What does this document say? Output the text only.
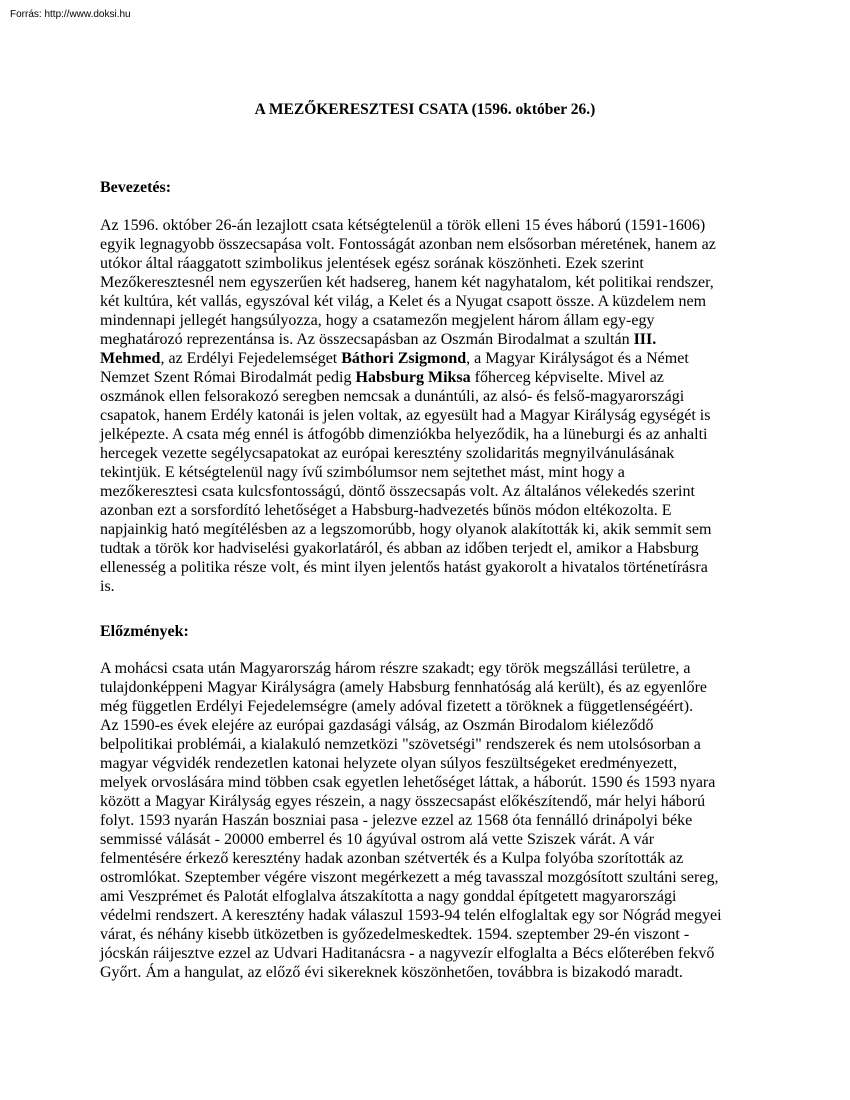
Forrás: http://www.doksi.hu
A MEZŐKERESZTESI CSATA (1596. október 26.)
Bevezetés:
Az 1596. október 26-án lezajlott csata kétségtelenül a török elleni 15 éves háború (1591-1606)
egyik legnagyobb összecsapása volt. Fontosságát azonban nem elsősorban méretének, hanem az
utókor által ráaggatott szimbolikus jelentések egész sorának köszönheti. Ezek szerint
Mezőkeresztesnél nem egyszerűen két hadsereg, hanem két nagyhatalom, két politikai rendszer,
két kultúra, két vallás, egyszóval két világ, a Kelet és a Nyugat csapott össze. A küzdelem nem
mindennapi jellegét hangsúlyozza, hogy a csatamezőn megjelent három állam egy-egy
meghatározó reprezentánsa is. Az összecsapásban az Oszmán Birodalmat a szultán III.
Mehmed, az Erdélyi Fejedelemséget Báthori Zsigmond, a Magyar Királyságot és a Német
Nemzet Szent Római Birodalmát pedig Habsburg Miksa főherceg képviselte. Mivel az
oszmánok ellen felsorakozó seregben nemcsak a dunántúli, az alsó- és felső-magyarországi
csapatok, hanem Erdély katonái is jelen voltak, az egyesült had a Magyar Királyság egységét is
jelképezte. A csata még ennél is átfogóbb dimenziókba helyeződik, ha a lüneburgi és az anhalti
hercegek vezette segélycsapatokat az európai keresztény szolidaritás megnyilvánulásának
tekintjük. E kétségtelenül nagy ívű szimbólumsor nem sejtethet mást, mint hogy a
mezőkeresztesi csata kulcsfontosságú, döntő összecsapás volt. Az általános vélekedés szerint
azonban ezt a sorsfordító lehetőséget a Habsburg-hadvezetés bűnös módon eltékozolta. E
napjainkig ható megítélésben az a legszomorúbb, hogy olyanok alakították ki, akik semmit sem
tudtak a török kor hadviselési gyakorlatáról, és abban az időben terjedt el, amikor a Habsburg
ellenesség a politika része volt, és mint ilyen jelentős hatást gyakorolt a hivatalos történetírásra
is.
Előzmények:
A mohácsi csata után Magyarország három részre szakadt; egy török megszállási területre, a
tulajdonképpeni Magyar Királyságra (amely Habsburg fennhatóság alá került), és az egyenlőre
még független Erdélyi Fejedelemségre (amely adóval fizetett a töröknek a függetlenségéért).
Az 1590-es évek elejére az európai gazdasági válság, az Oszmán Birodalom kiéleződő
belpolitikai problémái, a kialakuló nemzetközi "szövetségi" rendszerek és nem utolsósorban a
magyar végvidék rendezetlen katonai helyzete olyan súlyos feszültségeket eredményezett,
melyek orvoslására mind többen csak egyetlen lehetőséget láttak, a háborút. 1590 és 1593 nyara
között a Magyar Királyság egyes részein, a nagy összecsapást előkészítendő, már helyi háború
folyt. 1593 nyarán Haszán boszniai pasa - jelezve ezzel az 1568 óta fennálló drinápolyi béke
semmissé válását - 20000 emberrel és 10 ágyúval ostrom alá vette Sziszek várát. A vár
felmentésére érkező keresztény hadak azonban szétverték és a Kulpa folyóba szorították az
ostromlókat. Szeptember végére viszont megérkezett a még tavasszal mozgósított szultáni sereg,
ami Veszprémet és Palotát elfoglalva átszakította a nagy gonddal építgetett magyarországi
védelmi rendszert. A keresztény hadak válaszul 1593-94 telén elfoglaltak egy sor Nógrád megyei
várat, és néhány kisebb ütközetben is győzedelmeskedtek. 1594. szeptember 29-én viszont -
jócskán ráijesztve ezzel az Udvari Haditanácsra - a nagyvezír elfoglalta a Bécs előterében fekvő
Győrt. Ám a hangulat, az előző évi sikereknek köszönhetően, továbbra is bizakodó maradt.
